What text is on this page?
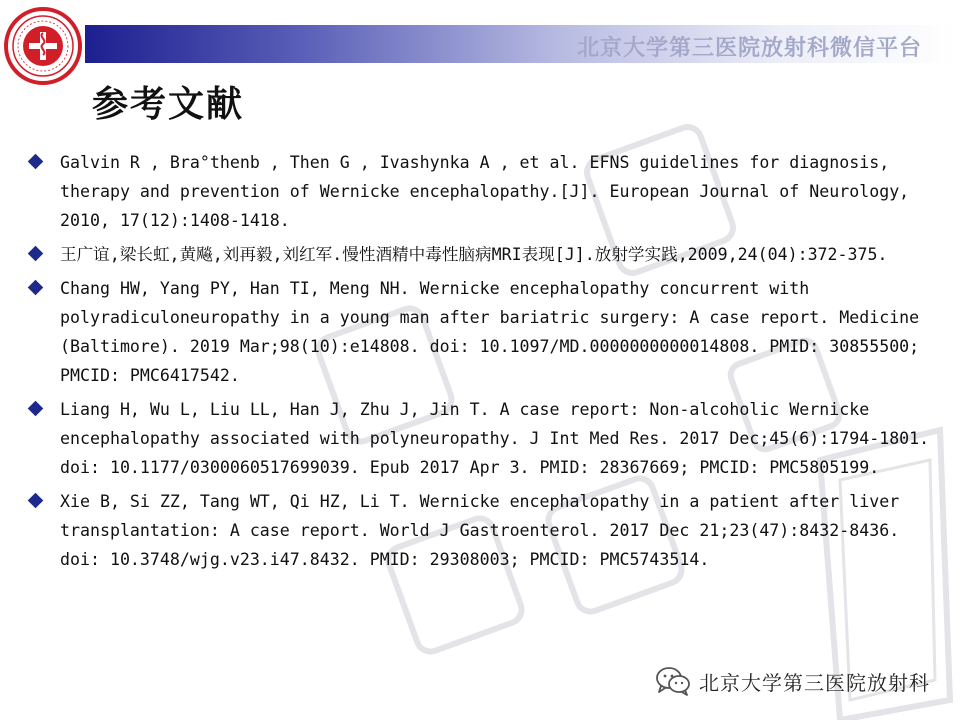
北京大学第三医院放射科微信平台
参考文献
Galvin R , Bra°thenb , Then G , Ivashynka A , et al. EFNS guidelines for diagnosis, therapy and prevention of Wernicke encephalopathy.[J]. European Journal of Neurology, 2010, 17(12):1408-1418.
王广谊,梁长虹,黄飚,刘再毅,刘红军.慢性酒精中毒性脑病MRI表现[J].放射学实践,2009,24(04):372-375.
Chang HW, Yang PY, Han TI, Meng NH. Wernicke encephalopathy concurrent with polyradiculoneuropathy in a young man after bariatric surgery: A case report. Medicine (Baltimore). 2019 Mar;98(10):e14808. doi: 10.1097/MD.0000000000014808. PMID: 30855500; PMCID: PMC6417542.
Liang H, Wu L, Liu LL, Han J, Zhu J, Jin T. A case report: Non-alcoholic Wernicke encephalopathy associated with polyneuropathy. J Int Med Res. 2017 Dec;45(6):1794-1801. doi: 10.1177/0300060517699039. Epub 2017 Apr 3. PMID: 28367669; PMCID: PMC5805199.
Xie B, Si ZZ, Tang WT, Qi HZ, Li T. Wernicke encephalopathy in a patient after liver transplantation: A case report. World J Gastroenterol. 2017 Dec 21;23(47):8432-8436. doi: 10.3748/wjg.v23.i47.8432. PMID: 29308003; PMCID: PMC5743514.
北京大学第三医院放射科
